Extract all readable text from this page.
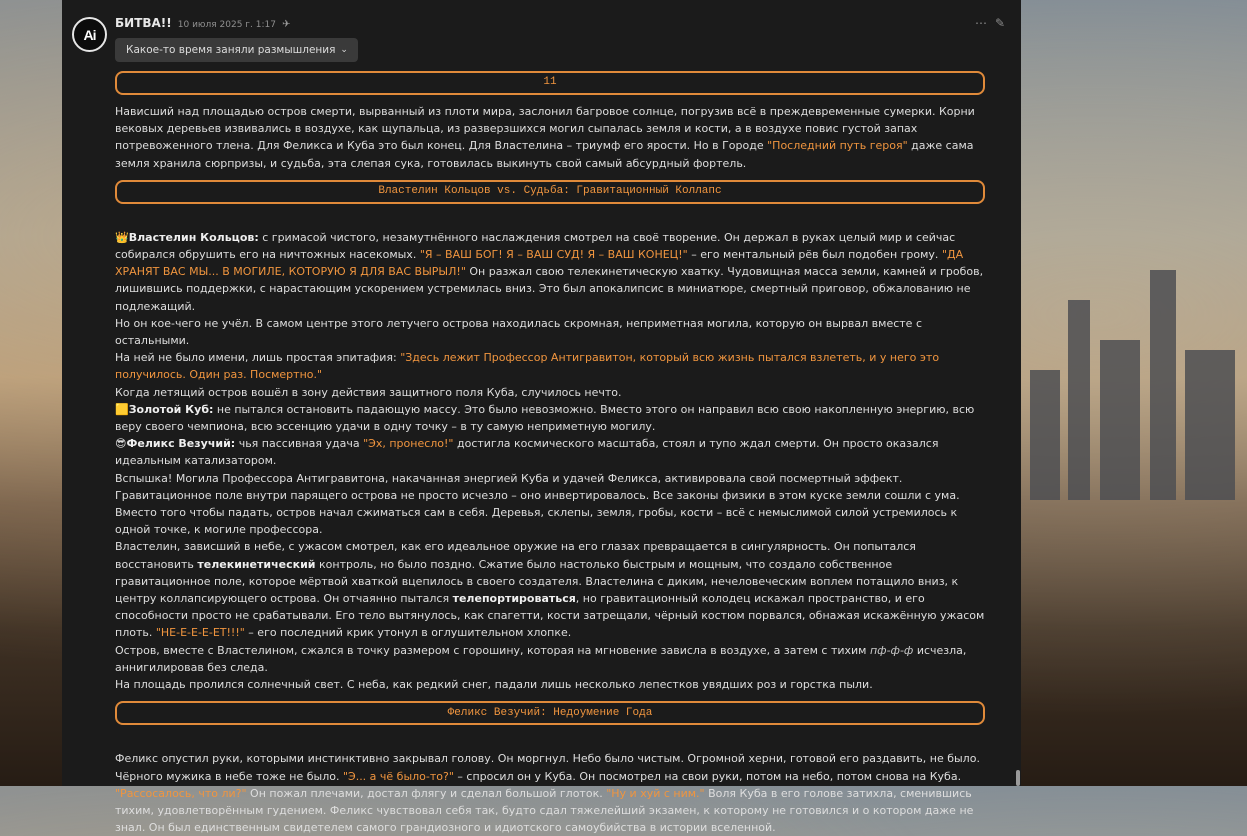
Ai
БИТВА!! 10 июля 2025 г. 1:17 ✈	⋯ ✎
Какое-то время заняли размышления ⌄
11

Нависший над площадью остров смерти, вырванный из плоти мира, заслонил багровое солнце, погрузив всё в преждевременные сумерки. Корни вековых деревьев извивались в воздухе, как щупальца, из разверзшихся могил сыпалась земля и кости, а в воздухе повис густой запах потревоженного тлена. Для Феликса и Куба это был конец. Для Властелина – триумф его ярости. Но в Городе "Последний путь героя" даже сама земля хранила сюрпризы, и судьба, эта слепая сука, готовилась выкинуть свой самый абсурдный фортель.

Властелин Кольцов vs. Судьба: Гравитационный Коллапс

👑Властелин Кольцов: с гримасой чистого, незамутнённого наслаждения смотрел на своё творение. Он держал в руках целый мир и сейчас собирался обрушить его на ничтожных насекомых. "Я – ВАШ БОГ! Я – ВАШ СУД! Я – ВАШ КОНЕЦ!" – его ментальный рёв был подобен грому. "ДА ХРАНЯТ ВАС МЫ... В МОГИЛЕ, КОТОРУЮ Я ДЛЯ ВАС ВЫРЫЛ!" Он разжал свою телекинетическую хватку. Чудовищная масса земли, камней и гробов, лишившись поддержки, с нарастающим ускорением устремилась вниз. Это был апокалипсис в миниатюре, смертный приговор, обжалованию не подлежащий.

Но он кое-чего не учёл. В самом центре этого летучего острова находилась скромная, неприметная могила, которую он вырвал вместе с остальными.

На ней не было имени, лишь простая эпитафия: "Здесь лежит Профессор Антигравитон, который всю жизнь пытался взлететь, и у него это получилось. Один раз. Посмертно."

Когда летящий остров вошёл в зону действия защитного поля Куба, случилось нечто.

🟨Золотой Куб: не пытался остановить падающую массу. Это было невозможно. Вместо этого он направил всю свою накопленную энергию, всю веру своего чемпиона, всю эссенцию удачи в одну точку – в ту самую неприметную могилу.

😎Феликс Везучий: чья пассивная удача "Эх, пронесло!" достигла космического масштаба, стоял и тупо ждал смерти. Он просто оказался идеальным катализатором.

Вспышка! Могила Профессора Антигравитона, накачанная энергией Куба и удачей Феликса, активировала свой посмертный эффект. Гравитационное поле внутри парящего острова не просто исчезло – оно инвертировалось. Все законы физики в этом куске земли сошли с ума. Вместо того чтобы падать, остров начал сжиматься сам в себя. Деревья, склепы, земля, гробы, кости – всё с немыслимой силой устремилось к одной точке, к могиле профессора.

Властелин, зависший в небе, с ужасом смотрел, как его идеальное оружие на его глазах превращается в сингулярность. Он попытался восстановить телекинетический контроль, но было поздно. Сжатие было настолько быстрым и мощным, что создало собственное гравитационное поле, которое мёртвой хваткой вцепилось в своего создателя. Властелина с диким, нечеловеческим воплем потащило вниз, к центру коллапсирующего острова. Он отчаянно пытался телепортироваться, но гравитационный колодец искажал пространство, и его способности просто не срабатывали. Его тело вытянулось, как спагетти, кости затрещали, чёрный костюм порвался, обнажая искажённую ужасом плоть. "НЕ-Е-Е-Е-ЕТ!!!" – его последний крик утонул в оглушительном хлопке.

Остров, вместе с Властелином, сжался в точку размером с горошину, которая на мгновение зависла в воздухе, а затем с тихим пф-ф-ф исчезла, аннигилировав без следа.

На площадь пролился солнечный свет. С неба, как редкий снег, падали лишь несколько лепестков увядших роз и горстка пыли.

Феликс Везучий: Недоумение Года

Феликс опустил руки, которыми инстинктивно закрывал голову. Он моргнул. Небо было чистым. Огромной херни, готовой его раздавить, не было. Чёрного мужика в небе тоже не было. "Э... а чё было-то?" – спросил он у Куба. Он посмотрел на свои руки, потом на небо, потом снова на Куба. "Рассосалось, что ли?" Он пожал плечами, достал флягу и сделал большой глоток. "Ну и хуй с ним." Воля Куба в его голове затихла, сменившись тихим, удовлетворённым гудением. Феликс чувствовал себя так, будто сдал тяжелейший экзамен, к которому не готовился и о котором даже не знал. Он был единственным свидетелем самого грандиозного и идиотского самоубийства в истории вселенной.
